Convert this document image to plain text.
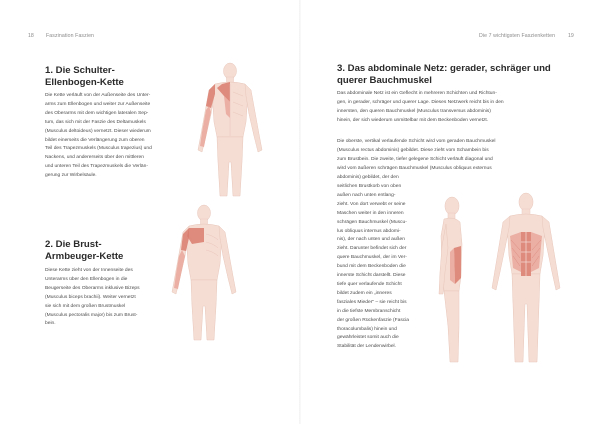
18 Faszination Faszien	Die 7 wichtigsten Faszienketten 19
1. Die Schulter-
Ellenbogen-Kette
Die Kette verläuft von der Außenseite des Unter-
arms zum Ellenbogen und weiter zur Außenseite
des Oberarms mit dem wichtigen lateralen Sep-
tum, das sich mit der Faszie des Deltamuskels
(Musculus deltoideus) vernetzt. Dieser wiederum
bildet einerseits die Verlängerung zum oberen
Teil des Trapezmuskels (Musculus trapezius) und
Nackens, und andererseits über den mittleren
und unteren Teil des Trapezmuskels die Verlän-
gerung zur Wirbelsäule.
2. Die Brust-
Armbeuger-Kette
Diese Kette zieht von der Innenseite des
Unterarms über den Ellenbogen in die
Beugerseite des Oberarms inklusive Bizeps
(Musculus biceps brachii). Weiter vernetzt
sie sich mit dem großen Brustmuskel
(Musculus pectoralis major) bis zum Brust-
bein.
3. Das abdominale Netz: gerader, schräger und
querer Bauchmuskel
Das abdominale Netz ist ein Geflecht in mehreren Schichten und Richtun-
gen, in gerader, schräger und querer Lage. Dieses Netzwerk reicht bis in den
innersten, den queren Bauchmuskel (Musculus transversus abdominis)
hinein, der sich wiederum unmittelbar mit dem Beckenboden vernetzt.
Die oberste, vertikal verlaufende Schicht wird vom geraden Bauchmuskel
(Musculus rectus abdominis) gebildet. Diese zieht vom Schambein bis
zum Brustbein. Die zweite, tiefer gelegene Schicht verläuft diagonal und
wird vom äußeren schrägen Bauchmuskel (Musculus obliquus externus
abdominis) gebildet, der den
seitlichen Brustkorb von oben
außen nach unten entlang-
zieht. Von dort verwebt er seine
Maschen weiter in den inneren
schrägen Bauchmuskel (Muscu-
lus obliquus internus abdomi-
nis), der nach unten und außen
zieht. Darunter befindet sich der
quere Bauchmuskel, der im Ver-
bund mit dem Beckenboden die
innerste Schicht darstellt. Diese
tiefe quer verlaufende Schicht
bildet zudem ein „inneres
fasziales Mieder“ – sie reicht bis
in die tiefste Membranschicht
der großen Rückenfaszie (Fascia
thoracolumbalis) hinein und
gewährleistet somit auch die
Stabilität der Lendenwirbel.
